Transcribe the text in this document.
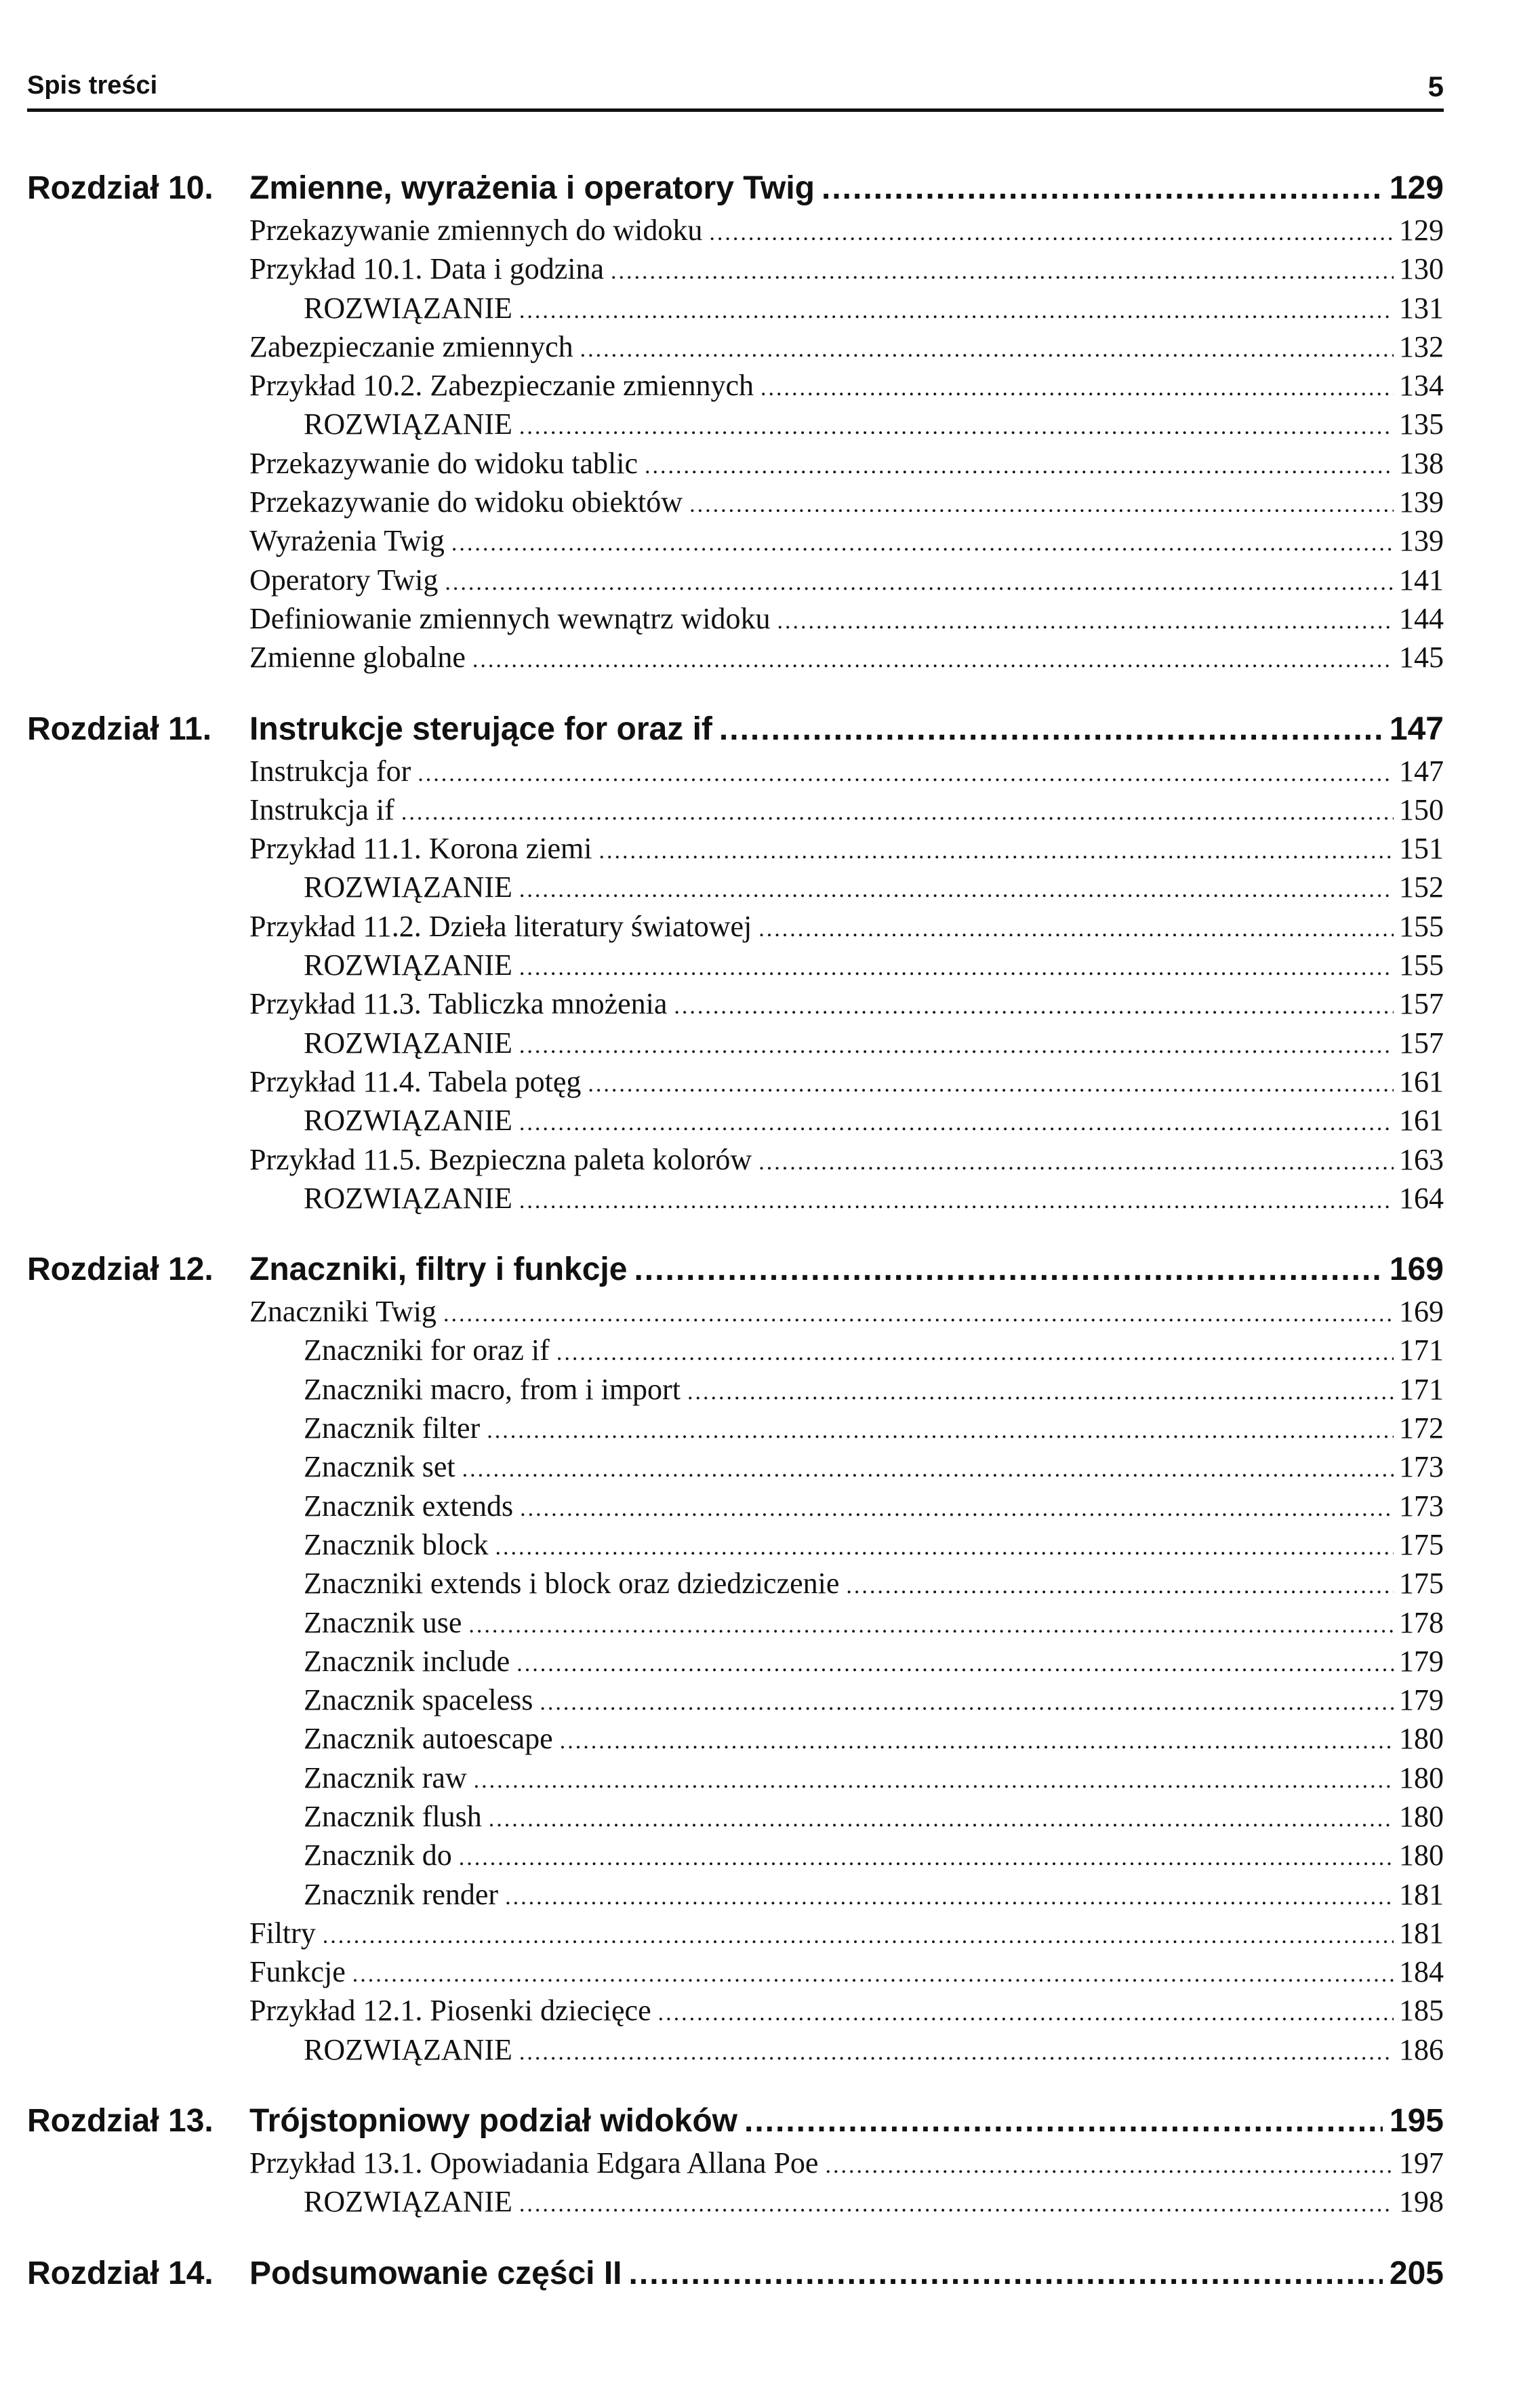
Spis treści	5
Rozdział 10.	Zmienne, wyrażenia i operatory Twig .....	129
Przekazywanie zmiennych do widoku .....	129
Przykład 10.1. Data i godzina .....	130
ROZWIĄZANIE .....	131
Zabezpieczanie zmiennych .....	132
Przykład 10.2. Zabezpieczanie zmiennych .....	134
ROZWIĄZANIE .....	135
Przekazywanie do widoku tablic .....	138
Przekazywanie do widoku obiektów .....	139
Wyrażenia Twig .....	139
Operatory Twig .....	141
Definiowanie zmiennych wewnątrz widoku .....	144
Zmienne globalne .....	145
Rozdział 11.	Instrukcje sterujące for oraz if .....	147
Instrukcja for .....	147
Instrukcja if .....	150
Przykład 11.1. Korona ziemi .....	151
ROZWIĄZANIE .....	152
Przykład 11.2. Dzieła literatury światowej .....	155
ROZWIĄZANIE .....	155
Przykład 11.3. Tabliczka mnożenia .....	157
ROZWIĄZANIE .....	157
Przykład 11.4. Tabela potęg .....	161
ROZWIĄZANIE .....	161
Przykład 11.5. Bezpieczna paleta kolorów .....	163
ROZWIĄZANIE .....	164
Rozdział 12.	Znaczniki, filtry i funkcje .....	169
Znaczniki Twig .....	169
Znaczniki for oraz if .....	171
Znaczniki macro, from i import .....	171
Znacznik filter .....	172
Znacznik set .....	173
Znacznik extends .....	173
Znacznik block .....	175
Znaczniki extends i block oraz dziedziczenie .....	175
Znacznik use .....	178
Znacznik include .....	179
Znacznik spaceless .....	179
Znacznik autoescape .....	180
Znacznik raw .....	180
Znacznik flush .....	180
Znacznik do .....	180
Znacznik render .....	181
Filtry .....	181
Funkcje .....	184
Przykład 12.1. Piosenki dziecięce .....	185
ROZWIĄZANIE .....	186
Rozdział 13.	Trójstopniowy podział widoków .....	195
Przykład 13.1. Opowiadania Edgara Allana Poe .....	197
ROZWIĄZANIE .....	198
Rozdział 14.	Podsumowanie części II .....	205
